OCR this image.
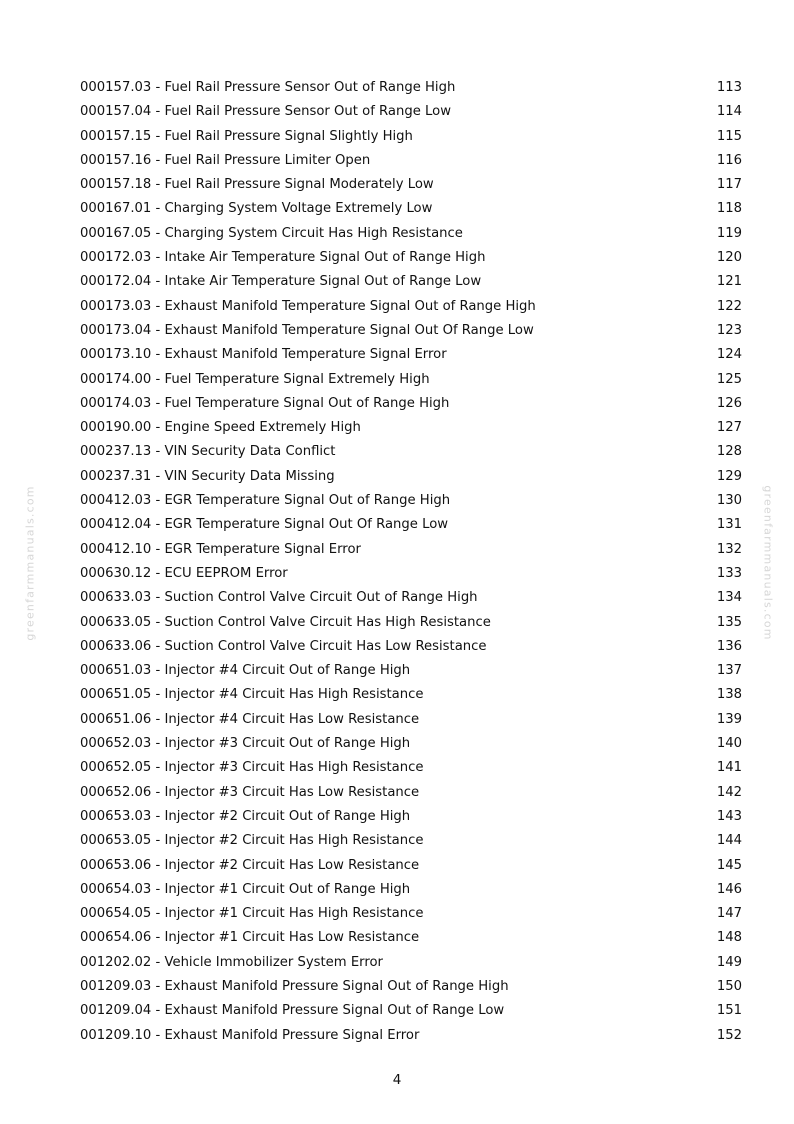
greenfarmmanuals.com	greenfarmmanuals.com
000157.03 - Fuel Rail Pressure Sensor Out of Range High	113
000157.04 - Fuel Rail Pressure Sensor Out of Range Low	114
000157.15 - Fuel Rail Pressure Signal Slightly High	115
000157.16 - Fuel Rail Pressure Limiter Open	116
000157.18 - Fuel Rail Pressure Signal Moderately Low	117
000167.01 - Charging System Voltage Extremely Low	118
000167.05 - Charging System Circuit Has High Resistance	119
000172.03 - Intake Air Temperature Signal Out of Range High	120
000172.04 - Intake Air Temperature Signal Out of Range Low	121
000173.03 - Exhaust Manifold Temperature Signal Out of Range High	122
000173.04 - Exhaust Manifold Temperature Signal Out Of Range Low	123
000173.10 - Exhaust Manifold Temperature Signal Error	124
000174.00 - Fuel Temperature Signal Extremely High	125
000174.03 - Fuel Temperature Signal Out of Range High	126
000190.00 - Engine Speed Extremely High	127
000237.13 - VIN Security Data Conflict	128
000237.31 - VIN Security Data Missing	129
000412.03 - EGR Temperature Signal Out of Range High	130
000412.04 - EGR Temperature Signal Out Of Range Low	131
000412.10 - EGR Temperature Signal Error	132
000630.12 - ECU EEPROM Error	133
000633.03 - Suction Control Valve Circuit Out of Range High	134
000633.05 - Suction Control Valve Circuit Has High Resistance	135
000633.06 - Suction Control Valve Circuit Has Low Resistance	136
000651.03 - Injector #4 Circuit Out of Range High	137
000651.05 - Injector #4 Circuit Has High Resistance	138
000651.06 - Injector #4 Circuit Has Low Resistance	139
000652.03 - Injector #3 Circuit Out of Range High	140
000652.05 - Injector #3 Circuit Has High Resistance	141
000652.06 - Injector #3 Circuit Has Low Resistance	142
000653.03 - Injector #2 Circuit Out of Range High	143
000653.05 - Injector #2 Circuit Has High Resistance	144
000653.06 - Injector #2 Circuit Has Low Resistance	145
000654.03 - Injector #1 Circuit Out of Range High	146
000654.05 - Injector #1 Circuit Has High Resistance	147
000654.06 - Injector #1 Circuit Has Low Resistance	148
001202.02 - Vehicle Immobilizer System Error	149
001209.03 - Exhaust Manifold Pressure Signal Out of Range High	150
001209.04 - Exhaust Manifold Pressure Signal Out of Range Low	151
001209.10 - Exhaust Manifold Pressure Signal Error	152
4
